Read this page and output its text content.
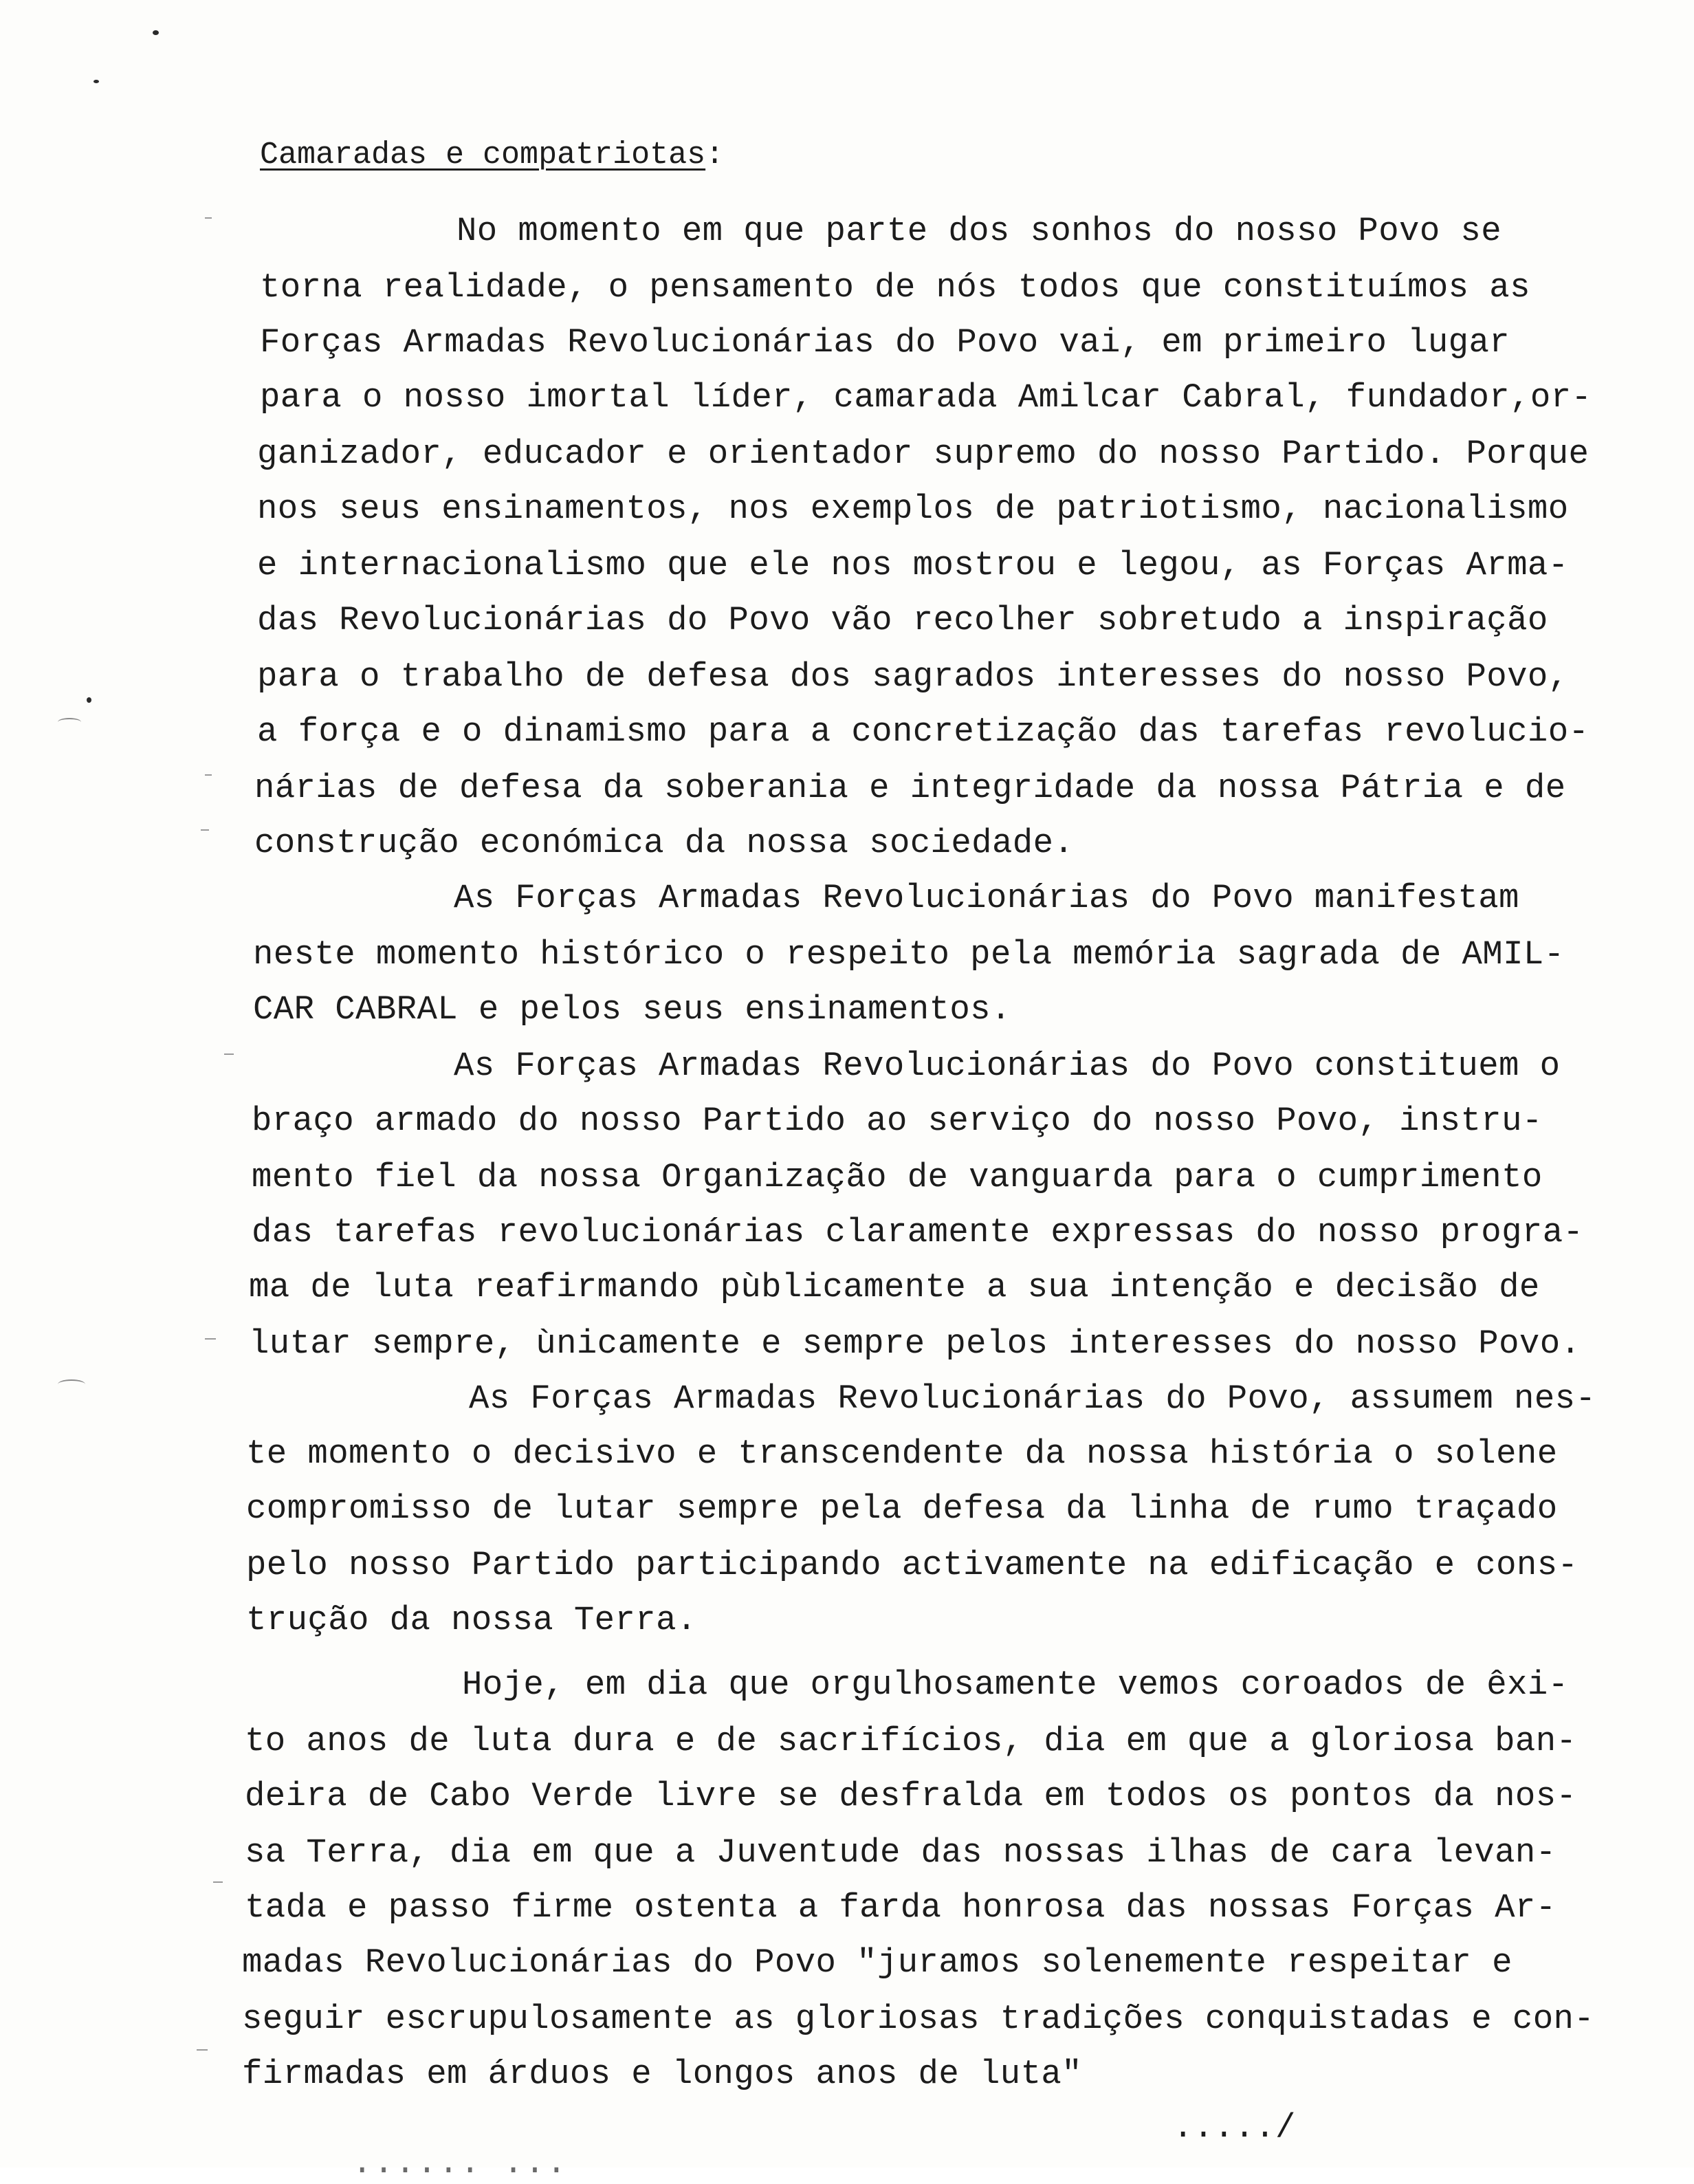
Camaradas e compatriotas:
No momento em que parte dos sonhos do nosso Povo se
torna realidade, o pensamento de nós todos que constituímos as
Forças Armadas Revolucionárias do Povo vai, em primeiro lugar
para o nosso imortal líder, camarada Amilcar Cabral, fundador,or-
ganizador, educador e orientador supremo do nosso Partido. Porque
nos seus ensinamentos, nos exemplos de patriotismo, nacionalismo
e internacionalismo que ele nos mostrou e legou, as Forças Arma-
das Revolucionárias do Povo vão recolher sobretudo a inspiração
para o trabalho de defesa dos sagrados interesses do nosso Povo,
a força e o dinamismo para a concretização das tarefas revolucio-
nárias de defesa da soberania e integridade da nossa Pátria e de
construção económica da nossa sociedade.
As Forças Armadas Revolucionárias do Povo manifestam
neste momento histórico o respeito pela memória sagrada de AMIL-
CAR CABRAL e pelos seus ensinamentos.
As Forças Armadas Revolucionárias do Povo constituem o
braço armado do nosso Partido ao serviço do nosso Povo, instru-
mento fiel da nossa Organização de vanguarda para o cumprimento
das tarefas revolucionárias claramente expressas do nosso progra-
ma de luta reafirmando pùblicamente a sua intenção e decisão de
lutar sempre, ùnicamente e sempre pelos interesses do nosso Povo.
As Forças Armadas Revolucionárias do Povo, assumem nes-
te momento o decisivo e transcendente da nossa história o solene
compromisso de lutar sempre pela defesa da linha de rumo traçado
pelo nosso Partido participando activamente na edificação e cons-
trução da nossa Terra.
Hoje, em dia que orgulhosamente vemos coroados de êxi-
to anos de luta dura e de sacrifícios, dia em que a gloriosa ban-
deira de Cabo Verde livre se desfralda em todos os pontos da nos-
sa Terra, dia em que a Juventude das nossas ilhas de cara levan-
tada e passo firme ostenta a farda honrosa das nossas Forças Ar-
madas Revolucionárias do Povo "juramos solenemente respeitar e
seguir escrupulosamente as gloriosas tradições conquistadas e con-
firmadas em árduos e longos anos de luta"
...../
...... ...
